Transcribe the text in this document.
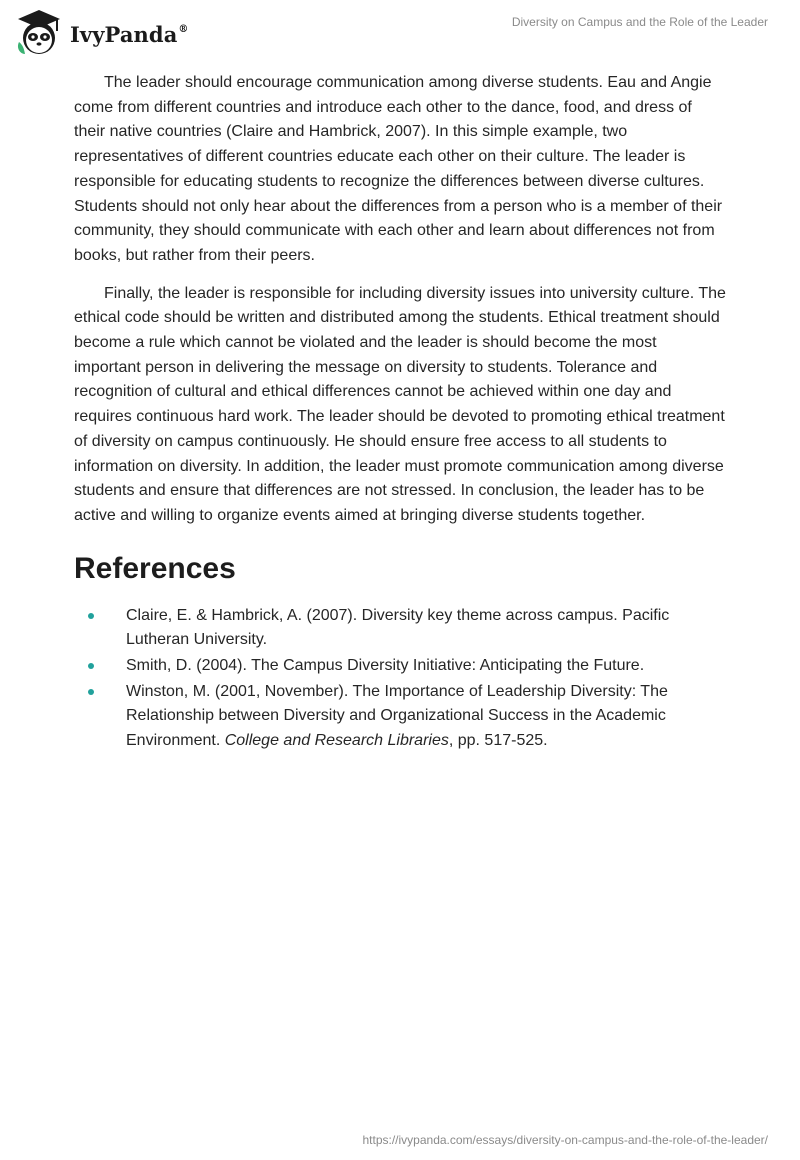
IvyPanda®	Diversity on Campus and the Role of the Leader

The leader should encourage communication among diverse students. Eau and Angie come from different countries and introduce each other to the dance, food, and dress of their native countries (Claire and Hambrick, 2007). In this simple example, two representatives of different countries educate each other on their culture. The leader is responsible for educating students to recognize the differences between diverse cultures. Students should not only hear about the differences from a person who is a member of their community, they should communicate with each other and learn about differences not from books, but rather from their peers.

Finally, the leader is responsible for including diversity issues into university culture. The ethical code should be written and distributed among the students. Ethical treatment should become a rule which cannot be violated and the leader is should become the most important person in delivering the message on diversity to students. Tolerance and recognition of cultural and ethical differences cannot be achieved within one day and requires continuous hard work. The leader should be devoted to promoting ethical treatment of diversity on campus continuously. He should ensure free access to all students to information on diversity. In addition, the leader must promote communication among diverse students and ensure that differences are not stressed. In conclusion, the leader has to be active and willing to organize events aimed at bringing diverse students together.

References
Claire, E. & Hambrick, A. (2007). Diversity key theme across campus. Pacific Lutheran University.
Smith, D. (2004). The Campus Diversity Initiative: Anticipating the Future.
Winston, M. (2001, November). The Importance of Leadership Diversity: The Relationship between Diversity and Organizational Success in the Academic Environment. College and Research Libraries, pp. 517-525.
https://ivypanda.com/essays/diversity-on-campus-and-the-role-of-the-leader/
